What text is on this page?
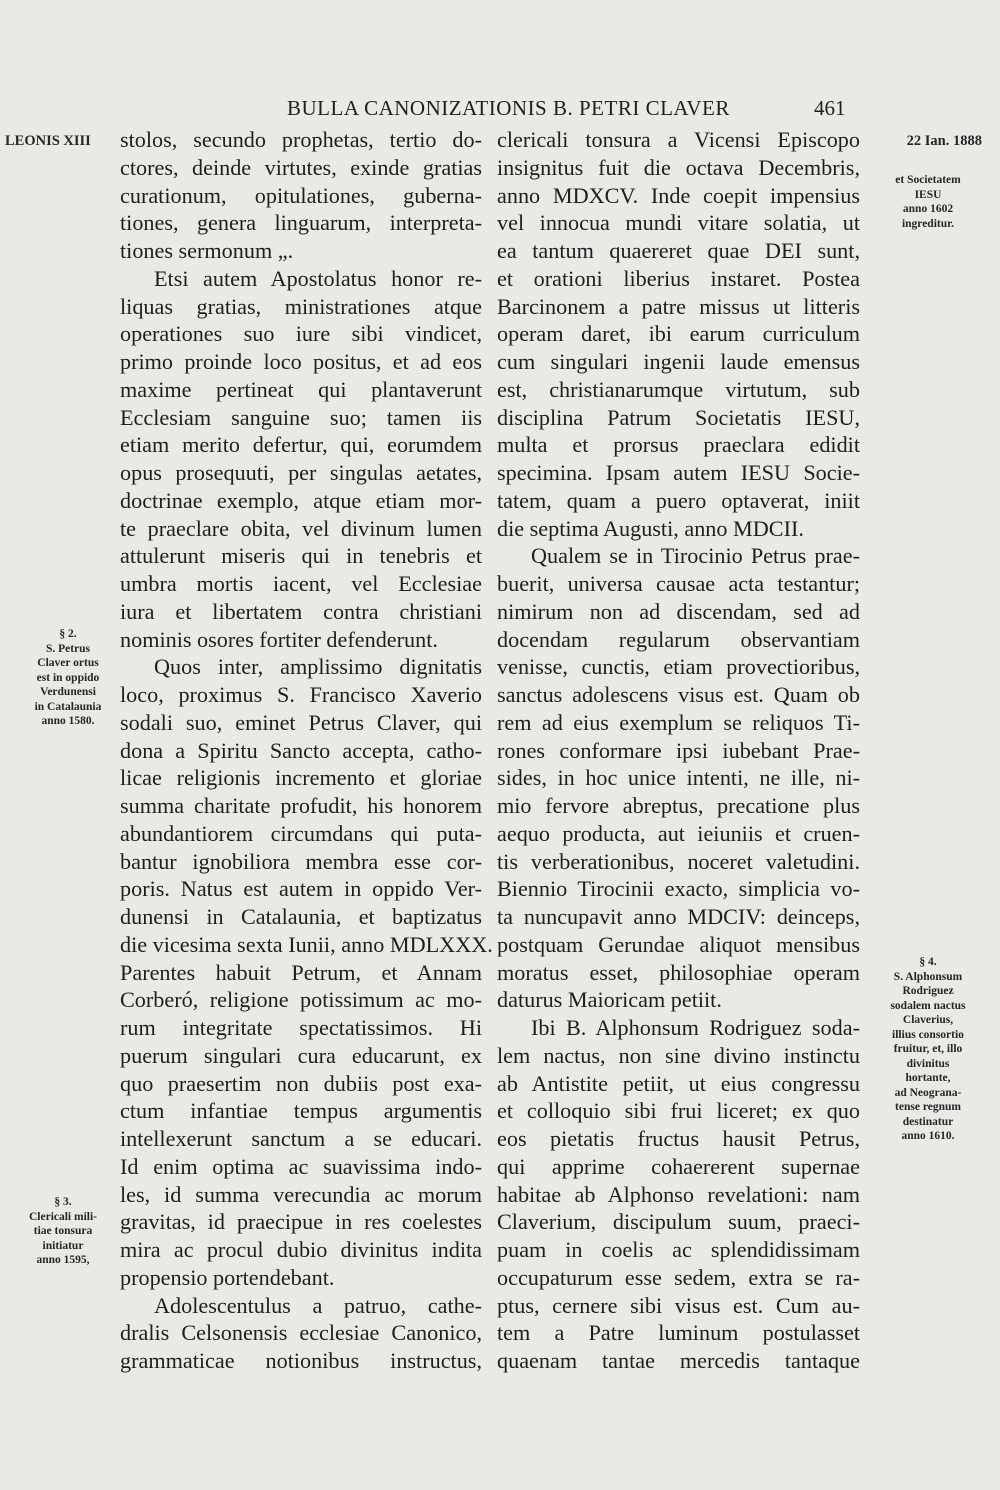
BULLA CANONIZATIONIS B. PETRI CLAVER	461
LEONIS XIII	22 Ian. 1888
§ 2.
S. Petrus
Claver ortus
est in oppido
Verdunensi
in Catalaunia
anno 1580.
§ 3.
Clericali mili-
tiae tonsura
initiatur
anno 1595,
et Societatem
IESU
anno 1602
ingreditur.
§ 4.
S. Alphonsum
Rodriguez
sodalem nactus
Claverius,
illius consortio
fruitur, et, illo
divinitus
hortante,
ad Neograna-
tense regnum
destinatur
anno 1610.
stolos, secundo prophetas, tertio do-
ctores, deinde virtutes, exinde gratias
curationum, opitulationes, guberna-
tiones, genera linguarum, interpreta-
tiones sermonum „.
Etsi autem Apostolatus honor re-
liquas gratias, ministrationes atque
operationes suo iure sibi vindicet,
primo proinde loco positus, et ad eos
maxime pertineat qui plantaverunt
Ecclesiam sanguine suo; tamen iis
etiam merito defertur, qui, eorumdem
opus prosequuti, per singulas aetates,
doctrinae exemplo, atque etiam mor-
te praeclare obita, vel divinum lumen
attulerunt miseris qui in tenebris et
umbra mortis iacent, vel Ecclesiae
iura et libertatem contra christiani
nominis osores fortiter defenderunt.
Quos inter, amplissimo dignitatis
loco, proximus S. Francisco Xaverio
sodali suo, eminet Petrus Claver, qui
dona a Spiritu Sancto accepta, catho-
licae religionis incremento et gloriae
summa charitate profudit, his honorem
abundantiorem circumdans qui puta-
bantur ignobiliora membra esse cor-
poris. Natus est autem in oppido Ver-
dunensi in Catalaunia, et baptizatus
die vicesima sexta Iunii, anno MDLXXX.
Parentes habuit Petrum, et Annam
Corberó, religione potissimum ac mo-
rum integritate spectatissimos. Hi
puerum singulari cura educarunt, ex
quo praesertim non dubiis post exa-
ctum infantiae tempus argumentis
intellexerunt sanctum a se educari.
Id enim optima ac suavissima indo-
les, id summa verecundia ac morum
gravitas, id praecipue in res coelestes
mira ac procul dubio divinitus indita
propensio portendebant.
Adolescentulus a patruo, cathe-
dralis Celsonensis ecclesiae Canonico,
grammaticae notionibus instructus,
clericali tonsura a Vicensi Episcopo
insignitus fuit die octava Decembris,
anno MDXCV. Inde coepit impensius
vel innocua mundi vitare solatia, ut
ea tantum quaereret quae DEI sunt,
et orationi liberius instaret. Postea
Barcinonem a patre missus ut litteris
operam daret, ibi earum curriculum
cum singulari ingenii laude emensus
est, christianarumque virtutum, sub
disciplina Patrum Societatis IESU,
multa et prorsus praeclara edidit
specimina. Ipsam autem IESU Socie-
tatem, quam a puero optaverat, iniit
die septima Augusti, anno MDCII.
Qualem se in Tirocinio Petrus prae-
buerit, universa causae acta testantur;
nimirum non ad discendam, sed ad
docendam regularum observantiam
venisse, cunctis, etiam provectioribus,
sanctus adolescens visus est. Quam ob
rem ad eius exemplum se reliquos Ti-
rones conformare ipsi iubebant Prae-
sides, in hoc unice intenti, ne ille, ni-
mio fervore abreptus, precatione plus
aequo producta, aut ieiuniis et cruen-
tis verberationibus, noceret valetudini.
Biennio Tirocinii exacto, simplicia vo-
ta nuncupavit anno MDCIV: deinceps,
postquam Gerundae aliquot mensibus
moratus esset, philosophiae operam
daturus Maioricam petiit.
Ibi B. Alphonsum Rodriguez soda-
lem nactus, non sine divino instinctu
ab Antistite petiit, ut eius congressu
et colloquio sibi frui liceret; ex quo
eos pietatis fructus hausit Petrus,
qui apprime cohaererent supernae
habitae ab Alphonso revelationi: nam
Claverium, discipulum suum, praeci-
puam in coelis ac splendidissimam
occupaturum esse sedem, extra se ra-
ptus, cernere sibi visus est. Cum au-
tem a Patre luminum postulasset
quaenam tantae mercedis tantaque
